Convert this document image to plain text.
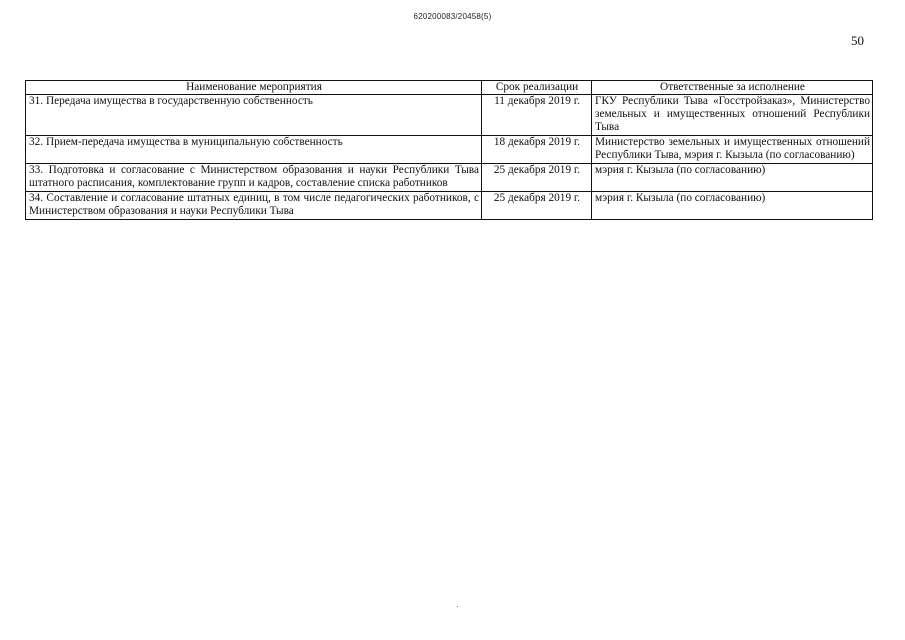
620200083/20458(5)
50
Наименование мероприятия	Срок реализации	Ответственные за исполнение
31. Передача имущества в государственную собственность	11 декабря 2019 г.	ГКУ Республики Тыва «Госстройзаказ», Министерство земельных и имущественных отношений Республики Тыва
32. Прием-передача имущества в муниципальную собственность	18 декабря 2019 г.	Министерство земельных и имущественных отношений Республики Тыва, мэрия г. Кызыла (по согласованию)
33. Подготовка и согласование с Министерством образования и науки Республики Тыва штатного расписания, комплектование групп и кадров, составление списка работников	25 декабря 2019 г.	мэрия г. Кызыла (по согласованию)
34. Составление и согласование штатных единиц, в том числе педагогических работников, с Министерством образования и науки Республики Тыва	25 декабря 2019 г.	мэрия г. Кызыла (по согласованию)
